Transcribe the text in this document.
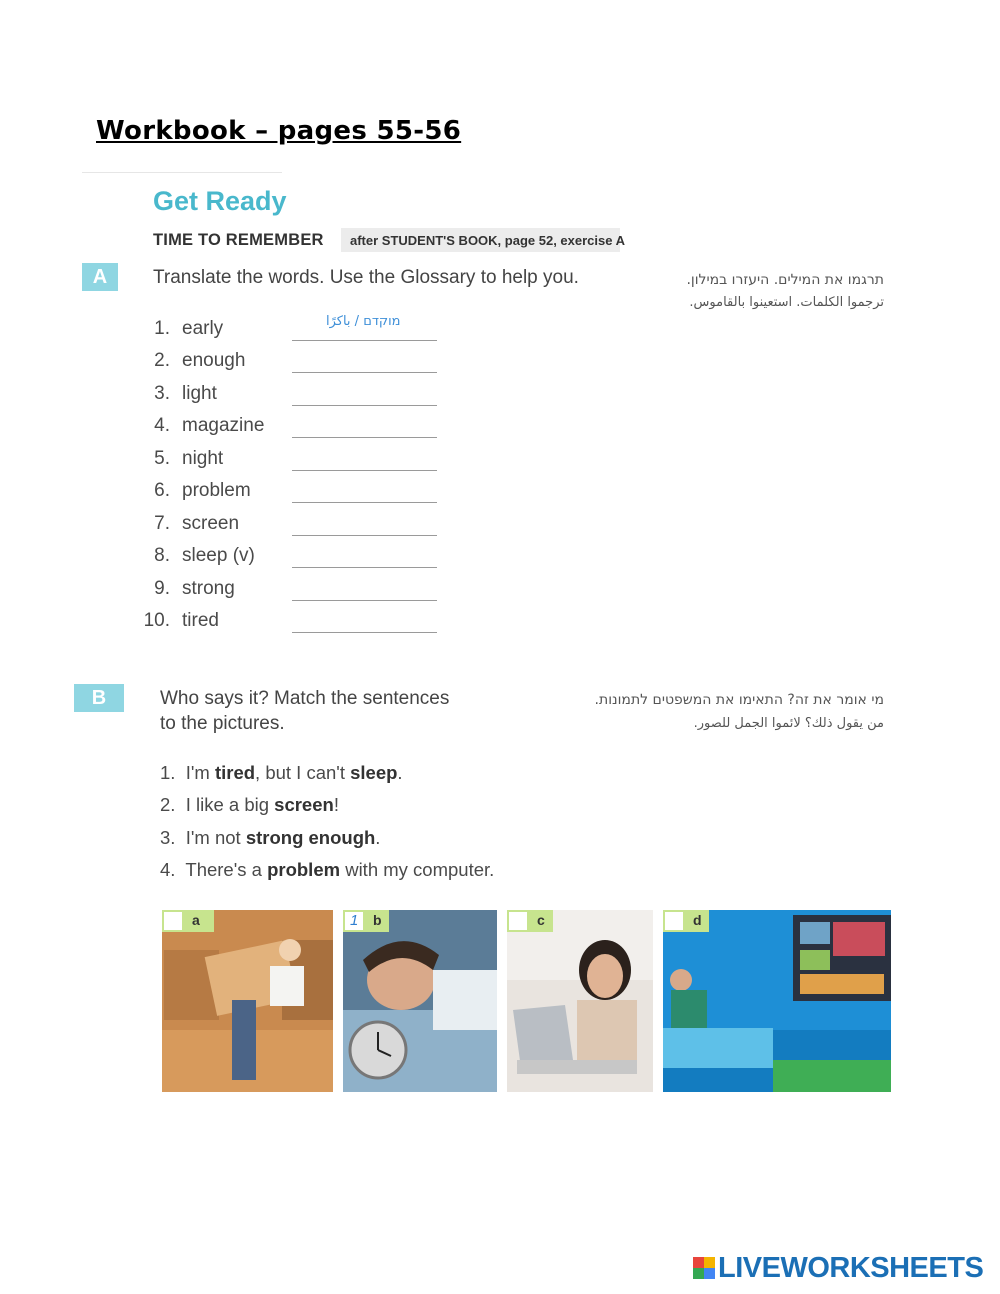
Workbook – pages 55-56
Get Ready
TIME TO REMEMBER after STUDENT'S BOOK, page 52, exercise A
A	Translate the words. Use the Glossary to help you.	תרגמו את המילים. היעזרו במילון.
ترجموا الكلمات. استعينوا بالقاموس.
1. early	מוקדם / باكرًا
2. enough
3. light
4. magazine
5. night
6. problem
7. screen
8. sleep (v)
9. strong
10. tired
B	Who says it? Match the sentences
to the pictures.
מי אומר את זה? התאימו את המשפטים לתמונות.
من يقول ذلك؟ لائموا الجمل للصور.
1. I'm tired, but I can't sleep.
2. I like a big screen!
3. I'm not strong enough.
4. There's a problem with my computer.
a	1 b	c	d
LIVEWORKSHEETS
